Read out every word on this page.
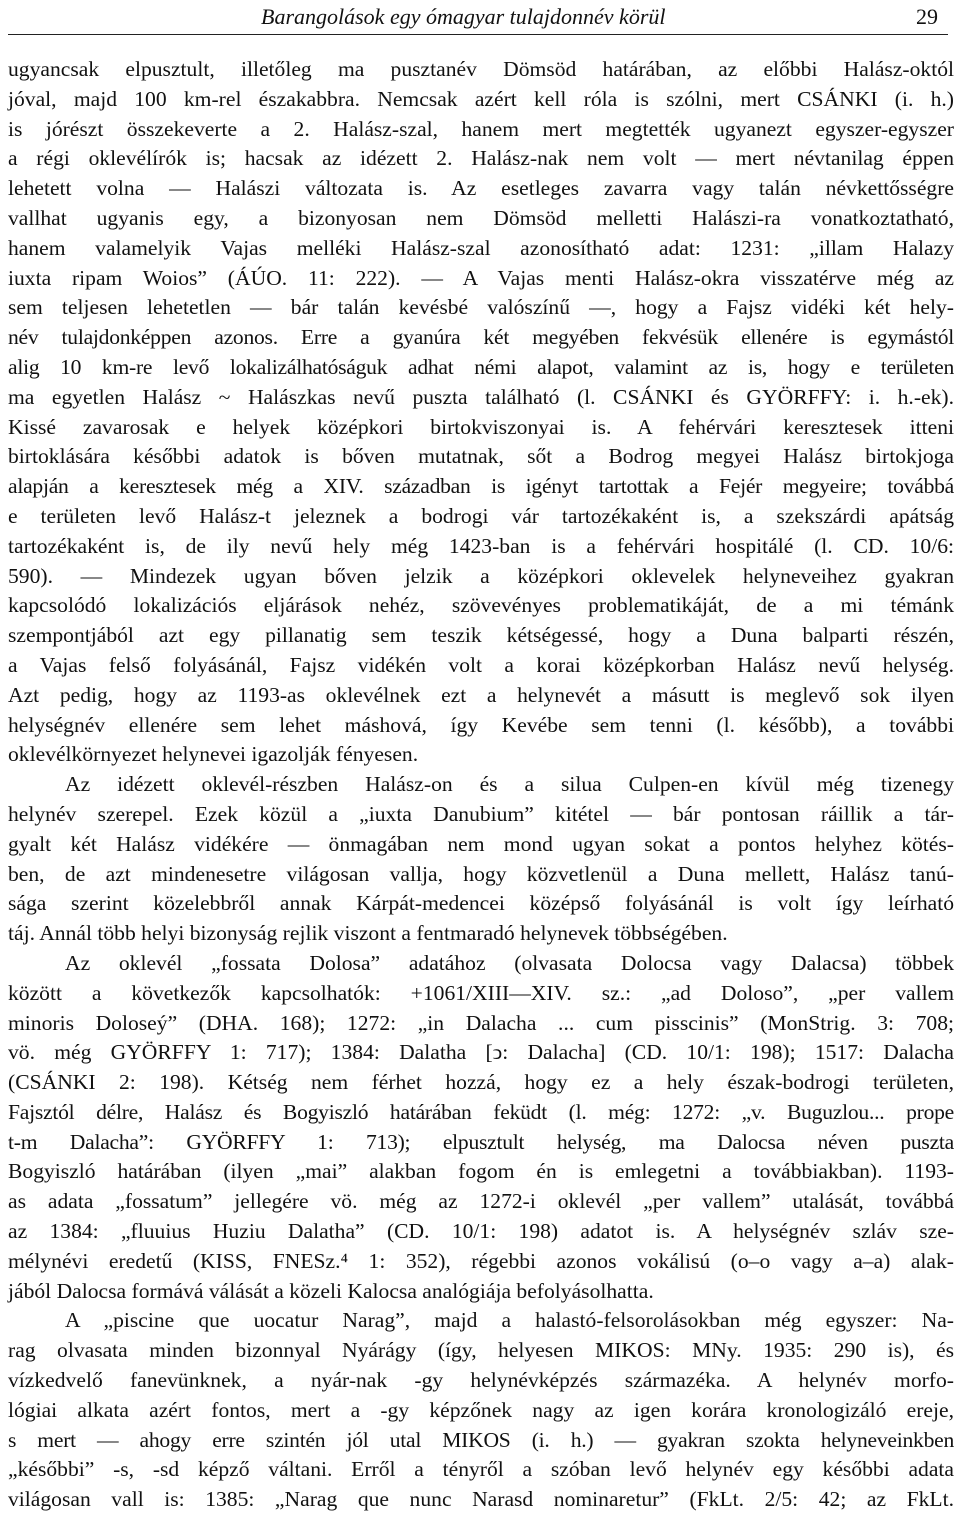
Barangolások egy ómagyar tulajdonnév körül	29
ugyancsak elpusztult, illetőleg ma pusztanév Dömsöd határában, az előbbi Halász-októl
jóval, majd 100 km-rel északabbra. Nemcsak azért kell róla is szólni, mert CSÁNKI (i. h.)
is jórészt összekeverte a 2. Halász-szal, hanem mert megtették ugyanezt egyszer-egyszer
a régi oklevélírók is; hacsak az idézett 2. Halász-nak nem volt — mert névtanilag éppen
lehetett volna — Halászi változata is. Az esetleges zavarra vagy talán névkettősségre
vallhat ugyanis egy, a bizonyosan nem Dömsöd melletti Halászi-ra vonatkoztatható,
hanem valamelyik Vajas melléki Halász-szal azonosítható adat: 1231: „illam Halazy
iuxta ripam Woios” (ÁÚO. 11: 222). — A Vajas menti Halász-okra visszatérve még az
sem teljesen lehetetlen — bár talán kevésbé valószínű —, hogy a Fajsz vidéki két hely-
név tulajdonképpen azonos. Erre a gyanúra két megyében fekvésük ellenére is egymástól
alig 10 km-re levő lokalizálhatóságuk adhat némi alapot, valamint az is, hogy e területen
ma egyetlen Halász ~ Halászkas nevű puszta található (l. CSÁNKI és GYÖRFFY: i. h.-ek).
Kissé zavarosak e helyek középkori birtokviszonyai is. A fehérvári keresztesek itteni
birtoklására későbbi adatok is bőven mutatnak, sőt a Bodrog megyei Halász birtokjoga
alapján a keresztesek még a XIV. században is igényt tartottak a Fejér megyeire; továbbá
e területen levő Halász-t jeleznek a bodrogi vár tartozékaként is, a szekszárdi apátság
tartozékaként is, de ily nevű hely még 1423-ban is a fehérvári hospitálé (l. CD. 10/6:
590). — Mindezek ugyan bőven jelzik a középkori oklevelek helyneveihez gyakran
kapcsolódó lokalizációs eljárások nehéz, szövevényes problematikáját, de a mi témánk
szempontjából azt egy pillanatig sem teszik kétségessé, hogy a Duna balparti részén,
a Vajas felső folyásánál, Fajsz vidékén volt a korai középkorban Halász nevű helység.
Azt pedig, hogy az 1193-as oklevélnek ezt a helynevét a másutt is meglevő sok ilyen
helységnév ellenére sem lehet máshová, így Kevébe sem tenni (l. később), a további
oklevélkörnyezet helynevei igazolják fényesen.
Az idézett oklevél-részben Halász-on és a silua Culpen-en kívül még tizenegy
helynév szerepel. Ezek közül a „iuxta Danubium” kitétel — bár pontosan ráillik a tár-
gyalt két Halász vidékére — önmagában nem mond ugyan sokat a pontos helyhez kötés-
ben, de azt mindenesetre világosan vallja, hogy közvetlenül a Duna mellett, Halász tanú-
sága szerint közelebbről annak Kárpát-medencei középső folyásánál is volt így leírható
táj. Annál több helyi bizonyság rejlik viszont a fentmaradó helynevek többségében.
Az oklevél „fossata Dolosa” adatához (olvasata Dolocsa vagy Dalacsa) többek
között a következők kapcsolhatók: +1061/XIII—XIV. sz.: „ad Doloso”, „per vallem
minoris Doloseý” (DHA. 168); 1272: „in Dalacha ... cum pisscinis” (MonStrig. 3: 708;
vö. még GYÖRFFY 1: 717); 1384: Dalatha [ↄ: Dalacha] (CD. 10/1: 198); 1517: Dalacha
(CSÁNKI 2: 198). Kétség nem férhet hozzá, hogy ez a hely észak-bodrogi területen,
Fajsztól délre, Halász és Bogyiszló határában feküdt (l. még: 1272: „v. Buguzlou... prope
t-m Dalacha”: GYÖRFFY 1: 713); elpusztult helység, ma Dalocsa néven puszta
Bogyiszló határában (ilyen „mai” alakban fogom én is emlegetni a továbbiakban). 1193-
as adata „fossatum” jellegére vö. még az 1272-i oklevél „per vallem” utalását, továbbá
az 1384: „fluuius Huziu Dalatha” (CD. 10/1: 198) adatot is. A helységnév szláv sze-
mélynévi eredetű (KISS, FNESz.⁴ 1: 352), régebbi azonos vokálisú (o–o vagy a–a) alak-
jából Dalocsa formává válását a közeli Kalocsa analógiája befolyásolhatta.
A „piscine que uocatur Narag”, majd a halastó-felsorolásokban még egyszer: Na-
rag olvasata minden bizonnyal Nyárágy (így, helyesen MIKOS: MNy. 1935: 290 is), és
vízkedvelő fanevünknek, a nyár-nak -gy helynévképzés származéka. A helynév morfo-
lógiai alkata azért fontos, mert a -gy képzőnek nagy az igen korára kronologizáló ereje,
s mert — ahogy erre szintén jól utal MIKOS (i. h.) — gyakran szokta helyneveinkben
„későbbi” -s, -sd képző váltani. Erről a tényről a szóban levő helynév egy későbbi adata
világosan vall is: 1385: „Narag que nunc Narasd nominaretur” (FkLt. 2/5: 42; az FkLt.
